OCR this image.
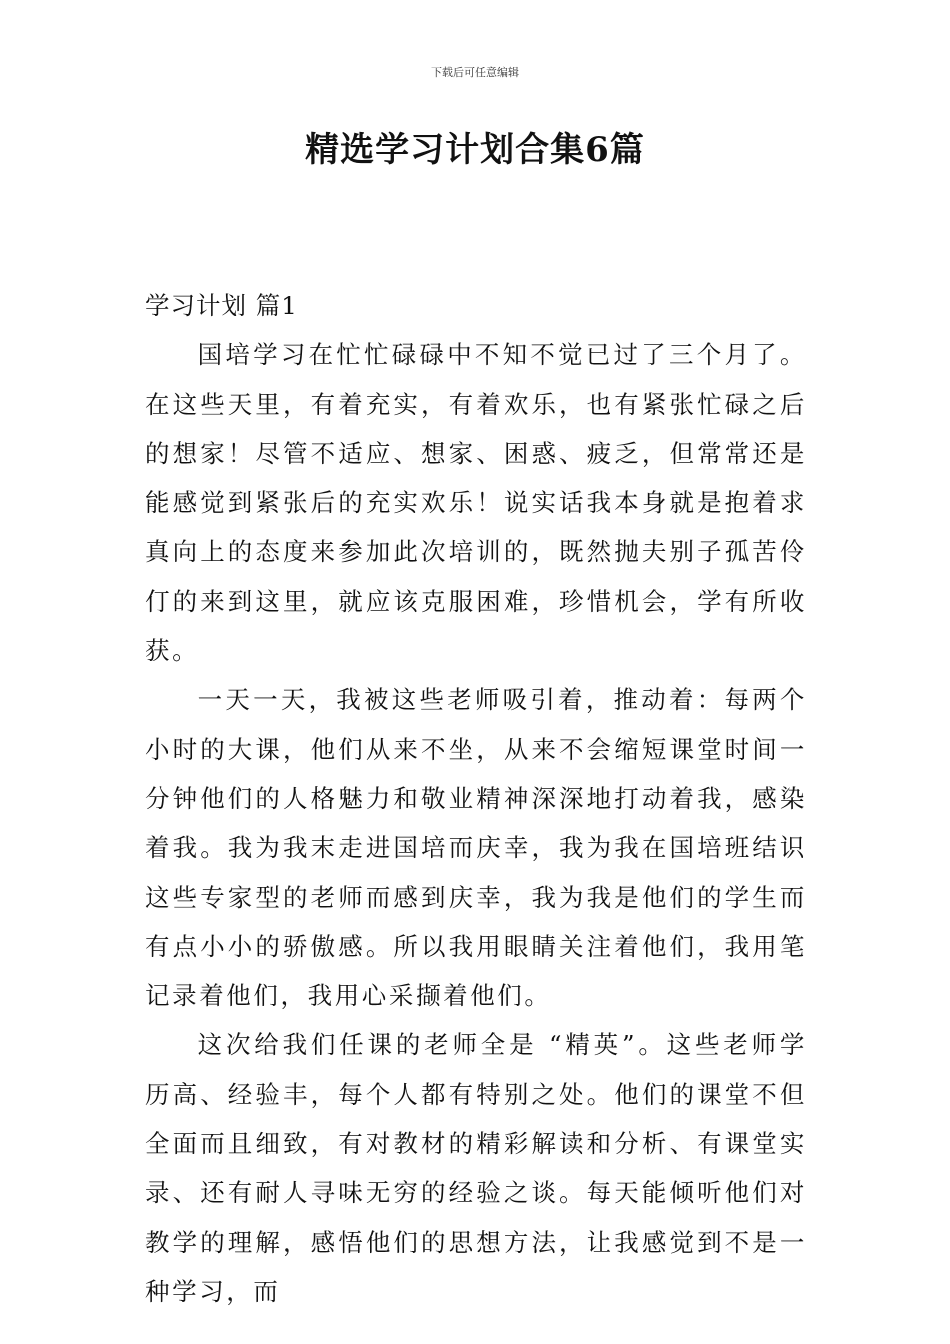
下载后可任意编辑
精选学习计划合集6篇
学习计划 篇1

国培学习在忙忙碌碌中不知不觉已过了三个月了。在这些天里，有着充实，有着欢乐，也有紧张忙碌之后的想家！尽管不适应、想家、困惑、疲乏，但常常还是能感觉到紧张后的充实欢乐！说实话我本身就是抱着求真向上的态度来参加此次培训的，既然抛夫别子孤苦伶仃的来到这里，就应该克服困难，珍惜机会，学有所收获。

一天一天，我被这些老师吸引着，推动着：每两个小时的大课，他们从来不坐，从来不会缩短课堂时间一分钟他们的人格魅力和敬业精神深深地打动着我，感染着我。我为我末走进国培而庆幸，我为我在国培班结识这些专家型的老师而感到庆幸，我为我是他们的学生而有点小小的骄傲感。所以我用眼睛关注着他们，我用笔记录着他们，我用心采撷着他们。

这次给我们任课的老师全是 “精英”。这些老师学历高、经验丰，每个人都有特别之处。他们的课堂不但全面而且细致，有对教材的精彩解读和分析、有课堂实录、还有耐人寻味无穷的经验之谈。每天能倾听他们对教学的理解，感悟他们的思想方法，让我感觉到不是一种学习，而
